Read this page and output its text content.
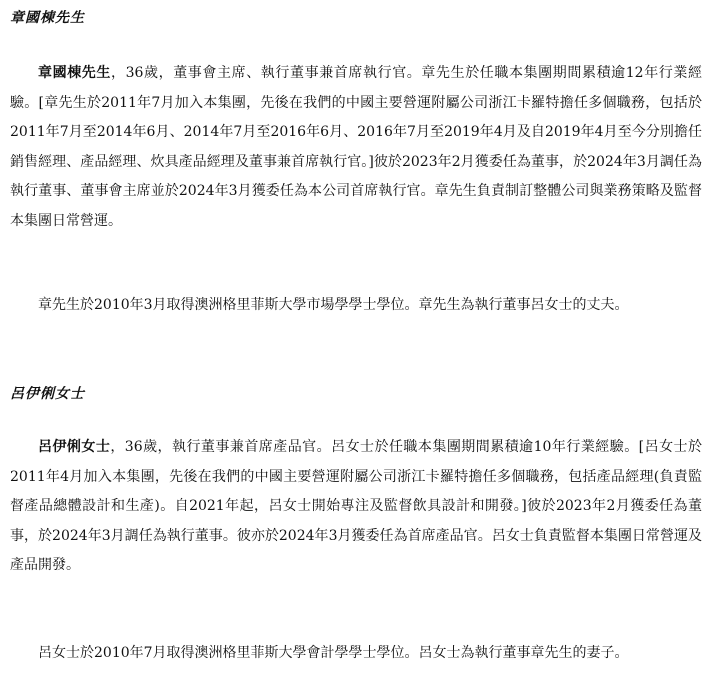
章國棟先生

章國棟先生，36歲，董事會主席、執行董事兼首席執行官。章先生於任職本集團期間累積逾12年行業經驗。[章先生於2011年7月加入本集團，先後在我們的中國主要營運附屬公司浙江卡羅特擔任多個職務，包括於2011年7月至2014年6月、2014年7月至2016年6月、2016年7月至2019年4月及自2019年4月至今分別擔任銷售經理、產品經理、炊具產品經理及董事兼首席執行官。]彼於2023年2月獲委任為董事，於2024年3月調任為執行董事、董事會主席並於2024年3月獲委任為本公司首席執行官。章先生負責制訂整體公司與業務策略及監督本集團日常營運。

章先生於2010年3月取得澳洲格里菲斯大學市場學學士學位。章先生為執行董事呂女士的丈夫。

呂伊俐女士

呂伊俐女士，36歲，執行董事兼首席產品官。呂女士於任職本集團期間累積逾10年行業經驗。[呂女士於2011年4月加入本集團，先後在我們的中國主要營運附屬公司浙江卡羅特擔任多個職務，包括產品經理(負責監督產品總體設計和生產)。自2021年起，呂女士開始專注及監督飲具設計和開發。]彼於2023年2月獲委任為董事，於2024年3月調任為執行董事。彼亦於2024年3月獲委任為首席產品官。呂女士負責監督本集團日常營運及產品開發。

呂女士於2010年7月取得澳洲格里菲斯大學會計學學士學位。呂女士為執行董事章先生的妻子。
